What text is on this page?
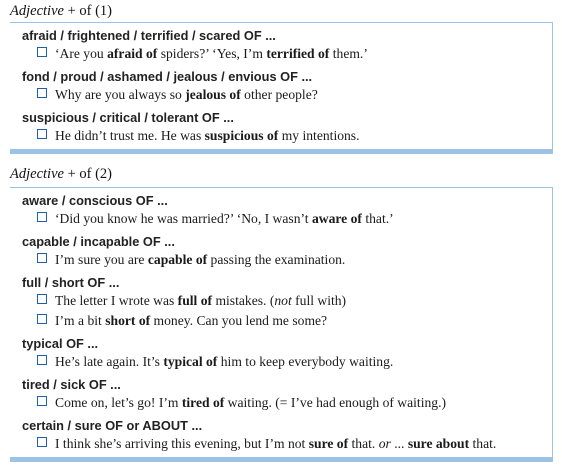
Adjective + of (1)
afraid / frightened / terrified / scared OF ...
‘Are you afraid of spiders?’ ‘Yes, I’m terrified of them.’
fond / proud / ashamed / jealous / envious OF ...
Why are you always so jealous of other people?
suspicious / critical / tolerant OF ...
He didn’t trust me. He was suspicious of my intentions.
Adjective + of (2)
aware / conscious OF ...
‘Did you know he was married?’ ‘No, I wasn’t aware of that.’
capable / incapable OF ...
I’m sure you are capable of passing the examination.
full / short OF ...
The letter I wrote was full of mistakes. (not full with)
I’m a bit short of money. Can you lend me some?
typical OF ...
He’s late again. It’s typical of him to keep everybody waiting.
tired / sick OF ...
Come on, let’s go! I’m tired of waiting. (= I’ve had enough of waiting.)
certain / sure OF or ABOUT ...
I think she’s arriving this evening, but I’m not sure of that. or ... sure about that.
